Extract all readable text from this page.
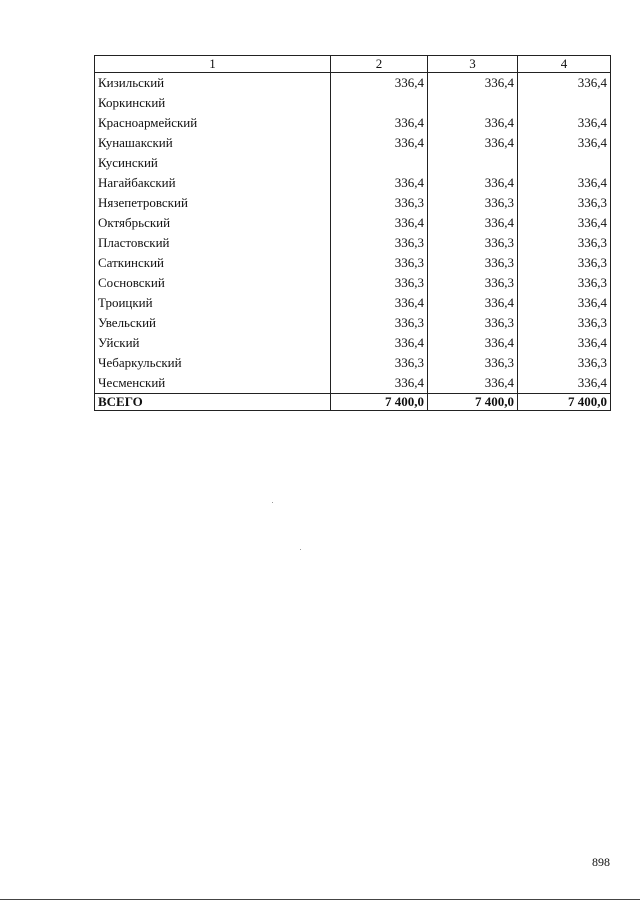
1	2	3	4
Кизильский	336,4	336,4	336,4
Коркинский			
Красноармейский	336,4	336,4	336,4
Кунашакский	336,4	336,4	336,4
Кусинский			
Нагайбакский	336,4	336,4	336,4
Нязепетровский	336,3	336,3	336,3
Октябрьский	336,4	336,4	336,4
Пластовский	336,3	336,3	336,3
Саткинский	336,3	336,3	336,3
Сосновский	336,3	336,3	336,3
Троицкий	336,4	336,4	336,4
Увельский	336,3	336,3	336,3
Уйский	336,4	336,4	336,4
Чебаркульский	336,3	336,3	336,3
Чесменский	336,4	336,4	336,4
ВСЕГО	7 400,0	7 400,0	7 400,0
898
